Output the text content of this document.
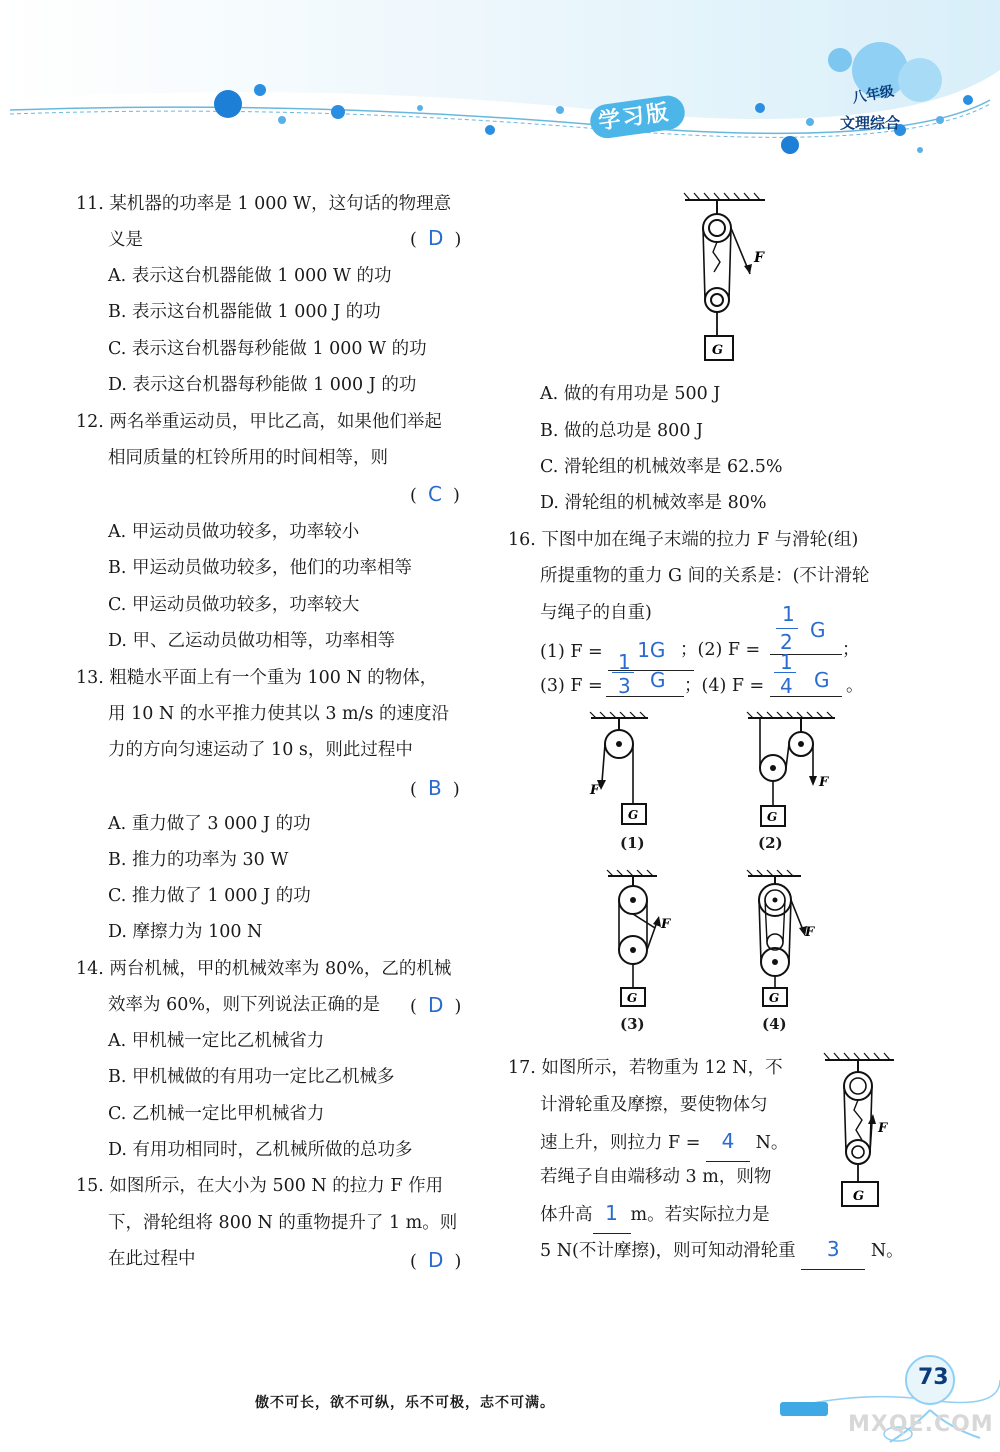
学习版
八年级
文理综合
11. 某机器的功率是 1 000 W，这句话的物理意
义是	(  D  )
A. 表示这台机器能做 1 000 W 的功
B. 表示这台机器能做 1 000 J 的功
C. 表示这台机器每秒能做 1 000 W 的功
D. 表示这台机器每秒能做 1 000 J 的功
12. 两名举重运动员，甲比乙高，如果他们举起
相同质量的杠铃所用的时间相等，则
(  C  )
A. 甲运动员做功较多，功率较小
B. 甲运动员做功较多，他们的功率相等
C. 甲运动员做功较多，功率较大
D. 甲、乙运动员做功相等，功率相等
13. 粗糙水平面上有一个重为 100 N 的物体，
用 10 N 的水平推力使其以 3 m/s 的速度沿
力的方向匀速运动了 10 s，则此过程中
(  B  )
A. 重力做了 3 000 J 的功
B. 推力的功率为 30 W
C. 推力做了 1 000 J 的功
D. 摩擦力为 100 N
14. 两台机械，甲的机械效率为 80%，乙的机械
效率为 60%，则下列说法正确的是 (  D  )
A. 甲机械一定比乙机械省力
B. 甲机械做的有用功一定比乙机械多
C. 乙机械一定比甲机械省力
D. 有用功相同时，乙机械所做的总功多
15. 如图所示，在大小为 500 N 的拉力 F 作用
下，滑轮组将 800 N 的重物提升了 1 m。则
在此过程中	(  D  )
F
G
A. 做的有用功是 500 J
B. 做的总功是 800 J
C. 滑轮组的机械效率是 62.5%
D. 滑轮组的机械效率是 80%
16. 下图中加在绳子末端的拉力 F 与滑轮(组)
所提重物的重力 G 间的关系是：(不计滑轮
与绳子的自重)
(1) F = 1G ；(2) F =
1
2 G
；
(3) F =
1
3 G ；(4) F =
1
4 G 。
F
G
(1)
F
G
(2)
F
G
(3)
F
G
(4)
17. 如图所示，若物重为 12 N，不
计滑轮重及摩擦，要使物体匀
速上升，则拉力 F = 4 N。
若绳子自由端移动 3 m，则物
体升高 1 m。若实际拉力是
5 N(不计摩擦)，则可知动滑轮重 3 N。
F
G
傲不可长，欲不可纵，乐不可极，志不可满。
73
MXQE.COM
